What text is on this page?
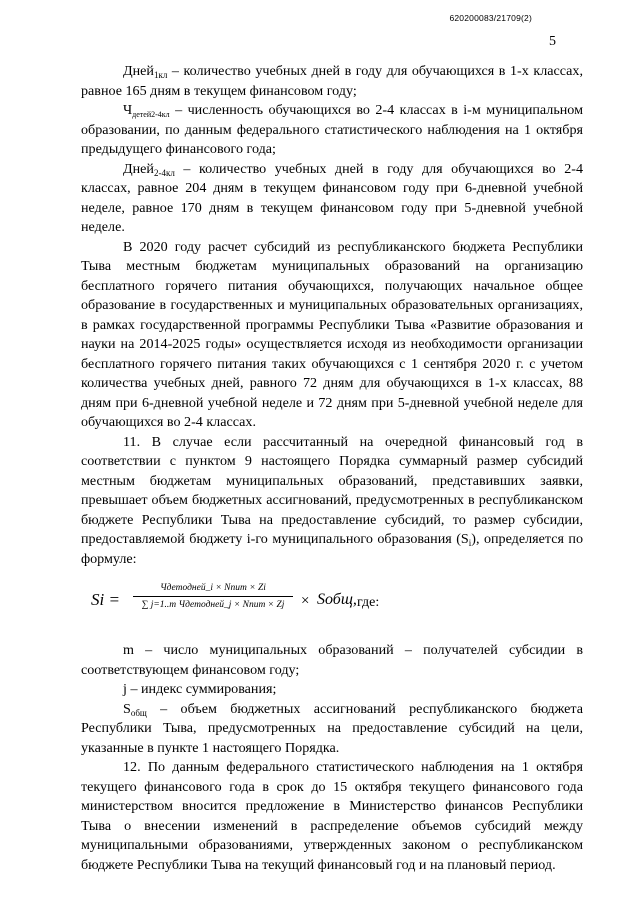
620200083/21709(2)
5

Дней$_{1кл}$ – количество учебных дней в году для обучающихся в 1-х классах, равное 165 дням в текущем финансовом году;

$Ч_{детей2-4кл}$ – численность обучающихся во 2-4 классах в i-м муниципальном образовании, по данным федерального статистического наблюдения на 1 октября предыдущего финансового года;

Дней$_{2-4кл}$ – количество учебных дней в году для обучающихся во 2-4 классах, равное 204 дням в текущем финансовом году при 6-дневной учебной неделе, равное 170 дням в текущем финансовом году при 5-дневной учебной неделе.

В 2020 году расчет субсидий из республиканского бюджета Республики Тыва местным бюджетам муниципальных образований на организацию бесплатного горячего питания обучающихся, получающих начальное общее образование в государственных и муниципальных образовательных организациях, в рамках государственной программы Республики Тыва «Развитие образования и науки на 2014-2025 годы» осуществляется исходя из необходимости организации бесплатного горячего питания таких обучающихся с 1 сентября 2020 г. с учетом количества учебных дней, равного 72 дням для обучающихся в 1-х классах, 88 дням при 6-дневной учебной неделе и 72 дням при 5-дневной учебной неделе для обучающихся во 2-4 классах.

11. В случае если рассчитанный на очередной финансовый год в соответствии с пунктом 9 настоящего Порядка суммарный размер субсидий местным бюджетам муниципальных образований, представивших заявки, превышает объем бюджетных ассигнований, предусмотренных в республиканском бюджете Республики Тыва на предоставление субсидий, то размер субсидии, предоставляемой бюджету i-го муниципального образования $(S_i)$, определяется по формуле:

Si =
Чдетодней_i × Nпит × Zi
∑ j=1..m Чдетодней_j × Nпит × Zj	× Sобщ, где:

m – число муниципальных образований – получателей субсидии в соответствующем финансовом году;

j – индекс суммирования;

$S_{общ}$ – объем бюджетных ассигнований республиканского бюджета Республики Тыва, предусмотренных на предоставление субсидий на цели, указанные в пункте 1 настоящего Порядка.

12. По данным федерального статистического наблюдения на 1 октября текущего финансового года в срок до 15 октября текущего финансового года министерством вносится предложение в Министерство финансов Республики Тыва о внесении изменений в распределение объемов субсидий между муниципальными образованиями, утвержденных законом о республиканском бюджете Республики Тыва на текущий финансовый год и на плановый период.
